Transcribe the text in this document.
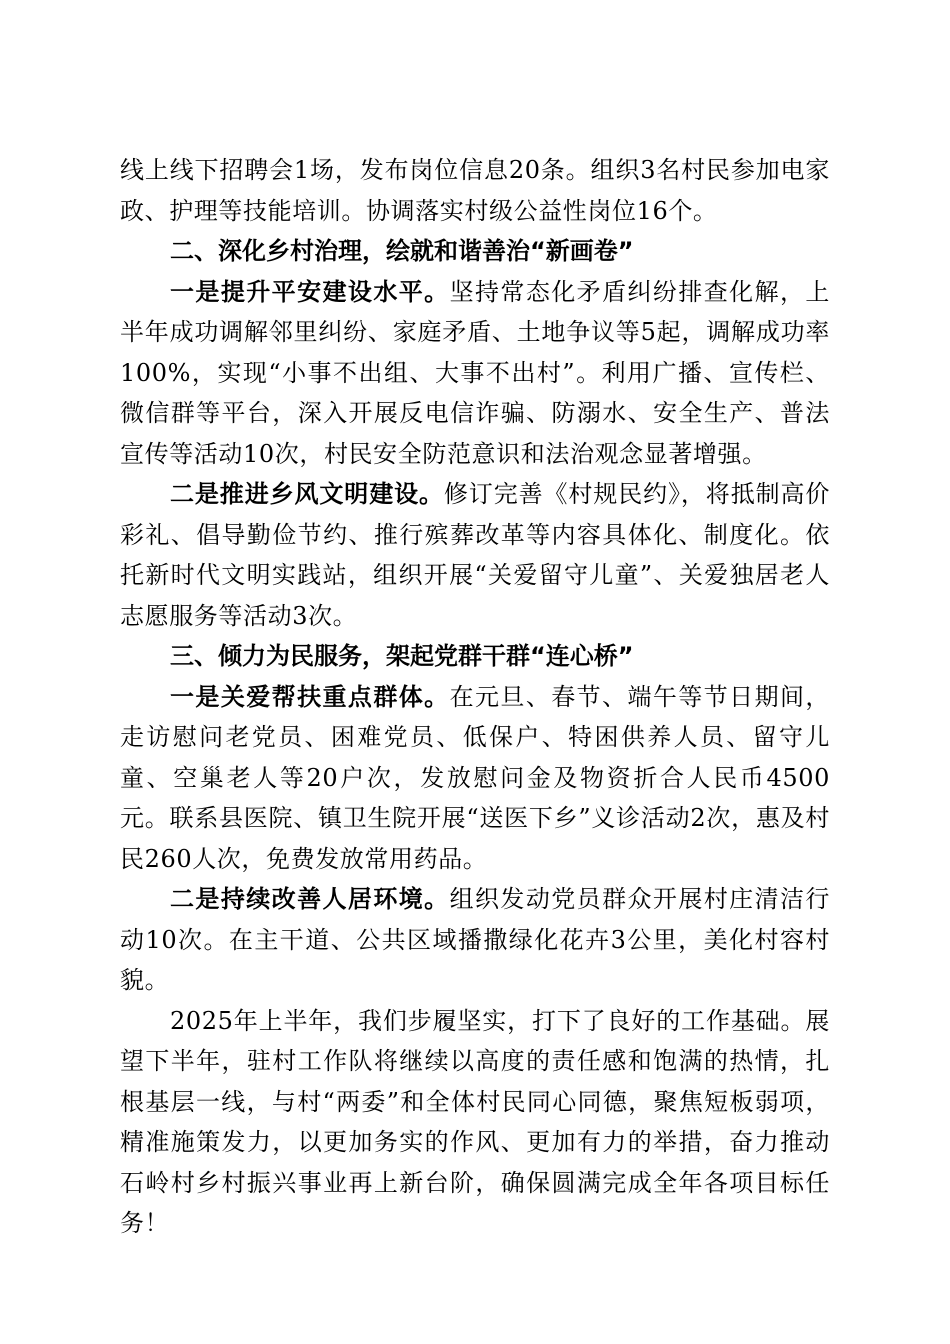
线上线下招聘会1场，发布岗位信息20条。组织3名村民参加电家政、护理等技能培训。协调落实村级公益性岗位16个。

二、深化乡村治理，绘就和谐善治“新画卷”

一是提升平安建设水平。坚持常态化矛盾纠纷排查化解，上半年成功调解邻里纠纷、家庭矛盾、土地争议等5起，调解成功率100%，实现“小事不出组、大事不出村”。利用广播、宣传栏、微信群等平台，深入开展反电信诈骗、防溺水、安全生产、普法宣传等活动10次，村民安全防范意识和法治观念显著增强。

二是推进乡风文明建设。修订完善《村规民约》，将抵制高价彩礼、倡导勤俭节约、推行殡葬改革等内容具体化、制度化。依托新时代文明实践站，组织开展“关爱留守儿童”、关爱独居老人志愿服务等活动3次。

三、倾力为民服务，架起党群干群“连心桥”

一是关爱帮扶重点群体。在元旦、春节、端午等节日期间，走访慰问老党员、困难党员、低保户、特困供养人员、留守儿童、空巢老人等20户次，发放慰问金及物资折合人民币4500元。联系县医院、镇卫生院开展“送医下乡”义诊活动2次，惠及村民260人次，免费发放常用药品。

二是持续改善人居环境。组织发动党员群众开展村庄清洁行动10次。在主干道、公共区域播撒绿化花卉3公里，美化村容村貌。

2025年上半年，我们步履坚实，打下了良好的工作基础。展望下半年，驻村工作队将继续以高度的责任感和饱满的热情，扎根基层一线，与村“两委”和全体村民同心同德，聚焦短板弱项，精准施策发力，以更加务实的作风、更加有力的举措，奋力推动石岭村乡村振兴事业再上新台阶，确保圆满完成全年各项目标任务！
